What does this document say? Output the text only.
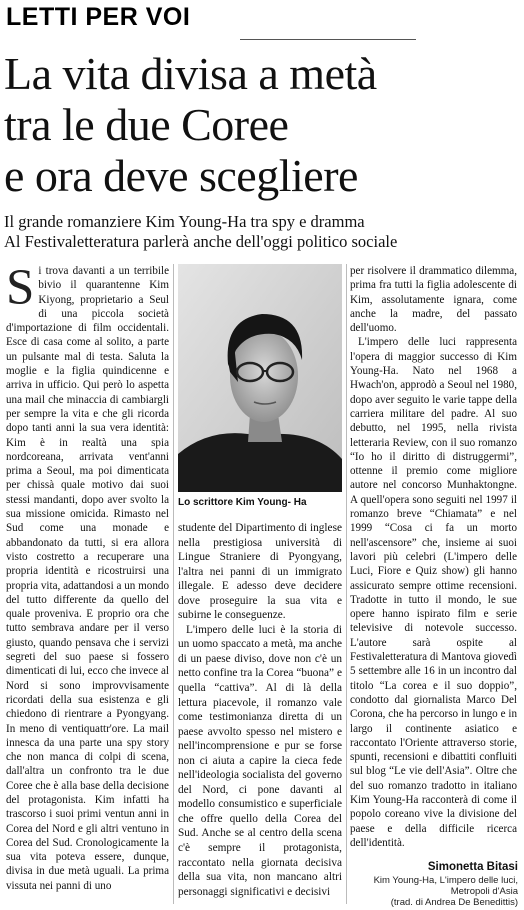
LETTI PER VOI
La vita divisa a metà
tra le due Coree
e ora deve scegliere
Il grande romanziere Kim Young-Ha tra spy e dramma
Al Festivaletteratura parlerà anche dell'oggi politico sociale

Si trova davanti a un terribile bivio il quarantenne Kim Kiyong, proprietario a Seul di una piccola società d'importazione di film occidentali. Esce di casa come al solito, a parte un pulsante mal di testa. Saluta la moglie e la figlia quindicenne e arriva in ufficio. Qui però lo aspetta una mail che minaccia di cambiargli per sempre la vita e che gli ricorda dopo tanti anni la sua vera identità: Kim è in realtà una spia nordcoreana, arrivata vent'anni prima a Seoul, ma poi dimenticata per chissà quale motivo dai suoi stessi mandanti, dopo aver svolto la sua missione omicida. Rimasto nel Sud come una monade e abbandonato da tutti, si era allora visto costretto a recuperare una propria identità e ricostruirsi una propria vita, adattandosi a un mondo del tutto differente da quello del quale proveniva. E proprio ora che tutto sembrava andare per il verso giusto, quando pensava che i servizi segreti del suo paese si fossero dimenticati di lui, ecco che invece al Nord si sono improvvisamente ricordati della sua esistenza e gli chiedono di rientrare a Pyongyang. In meno di ventiquattr'ore. La mail innesca da una parte una spy story che non manca di colpi di scena, dall'altra un confronto tra le due Coree che è alla base della decisione del protagonista. Kim infatti ha trascorso i suoi primi ventun anni in Corea del Nord e gli altri ventuno in Corea del Sud. Cronologicamente la sua vita poteva essere, dunque, divisa in due metà uguali. La prima vissuta nei panni di uno

Lo scrittore Kim Young- Ha

studente del Dipartimento di inglese nella prestigiosa università di Lingue Straniere di Pyongyang, l'altra nei panni di un immigrato illegale. E adesso deve decidere dove proseguire la sua vita e subirne le conseguenze.

L'impero delle luci è la storia di un uomo spaccato a metà, ma anche di un paese diviso, dove non c'è un netto confine tra la Corea “buona” e quella “cattiva”. Al di là della lettura piacevole, il romanzo vale come testimonianza diretta di un paese avvolto spesso nel mistero e nell'incomprensione e pur se forse non ci aiuta a capire la cieca fede nell'ideologia socialista del governo del Nord, ci pone davanti al modello consumistico e superficiale che offre quello della Corea del Sud. Anche se al centro della scena c'è sempre il protagonista, raccontato nella giornata decisiva della sua vita, non mancano altri personaggi significativi e decisivi

per risolvere il drammatico dilemma, prima fra tutti la figlia adolescente di Kim, assolutamente ignara, come anche la madre, del passato dell'uomo.

L'impero delle luci rappresenta l'opera di maggior successo di Kim Young-Ha. Nato nel 1968 a Hwach'on, approdò a Seoul nel 1980, dopo aver seguito le varie tappe della carriera militare del padre. Al suo debutto, nel 1995, nella rivista letteraria Review, con il suo romanzo “Io ho il diritto di distruggermi”, ottenne il premio come migliore autore nel concorso Munhaktongne. A quell'opera sono seguiti nel 1997 il romanzo breve “Chiamata” e nel 1999 “Cosa ci fa un morto nell'ascensore” che, insieme ai suoi lavori più celebri (L'impero delle Luci, Fiore e Quiz show) gli hanno assicurato sempre ottime recensioni. Tradotte in tutto il mondo, le sue opere hanno ispirato film e serie televisive di notevole successo. L'autore sarà ospite al Festivaletteratura di Mantova giovedì 5 settembre alle 16 in un incontro dal titolo “La corea e il suo doppio”, condotto dal giornalista Marco Del Corona, che ha percorso in lungo e in largo il continente asiatico e raccontato l'Oriente attraverso storie, spunti, recensioni e dibattiti confluiti sul blog “Le vie dell'Asia”. Oltre che del suo romanzo tradotto in italiano Kim Young-Ha racconterà di come il popolo coreano vive la divisione del paese e della difficile ricerca dell'identità.

Simonetta Bitasi
Kim Young-Ha, L'impero delle luci,
Metropoli d'Asia
(trad. di Andrea De Benedittis)
